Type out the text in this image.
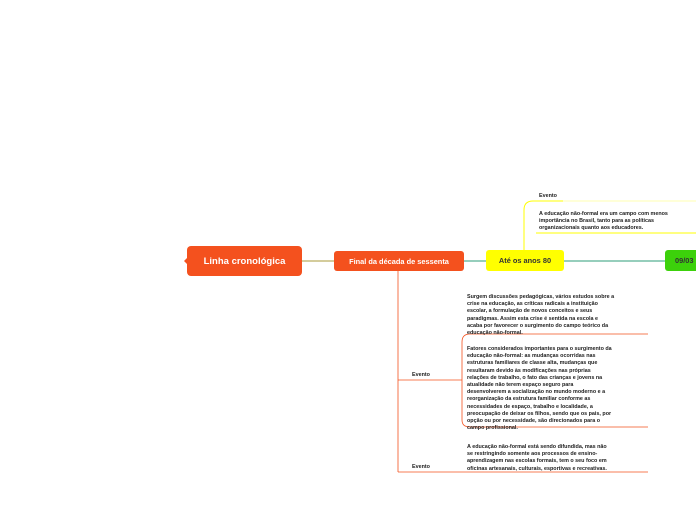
Linha cronológica	Final da década de sessenta	Até os anos 80	09/03
Evento
A educação não-formal era um campo com menos
importância no Brasil, tanto para as políticas
organizacionais quanto aos educadores.
Surgem discussões pedagógicas, vários estudos sobre a
crise na educação, as críticas radicais a instituição
escolar, a formulação de novos conceitos e seus
paradigmas. Assim esta crise é sentida na escola e
acaba por favorecer o surgimento do campo teórico da
educação não-formal.
Fatores considerados importantes para o surgimento da
educação não-formal: as mudanças ocorridas nas
estruturas familiares de classe alta, mudanças que
resultaram devido às modificações nas próprias
relações de trabalho, o fato das crianças e jovens na
atualidade não terem espaço seguro para
desenvolverem a socialização no mundo moderno e a
reorganização da estrutura familiar conforme as
necessidades de espaço, trabalho e localidade, a
preocupação de deixar os filhos, sendo que os pais, por
opção ou por necessidade, são direcionados para o
campo profissional.
Evento
A educação não-formal está sendo difundida, mas não
se restringindo somente aos processos de ensino-
aprendizagem nas escolas formais, tem o seu foco em
oficinas artesanais, culturais, esportivas e recreativas.
Evento
